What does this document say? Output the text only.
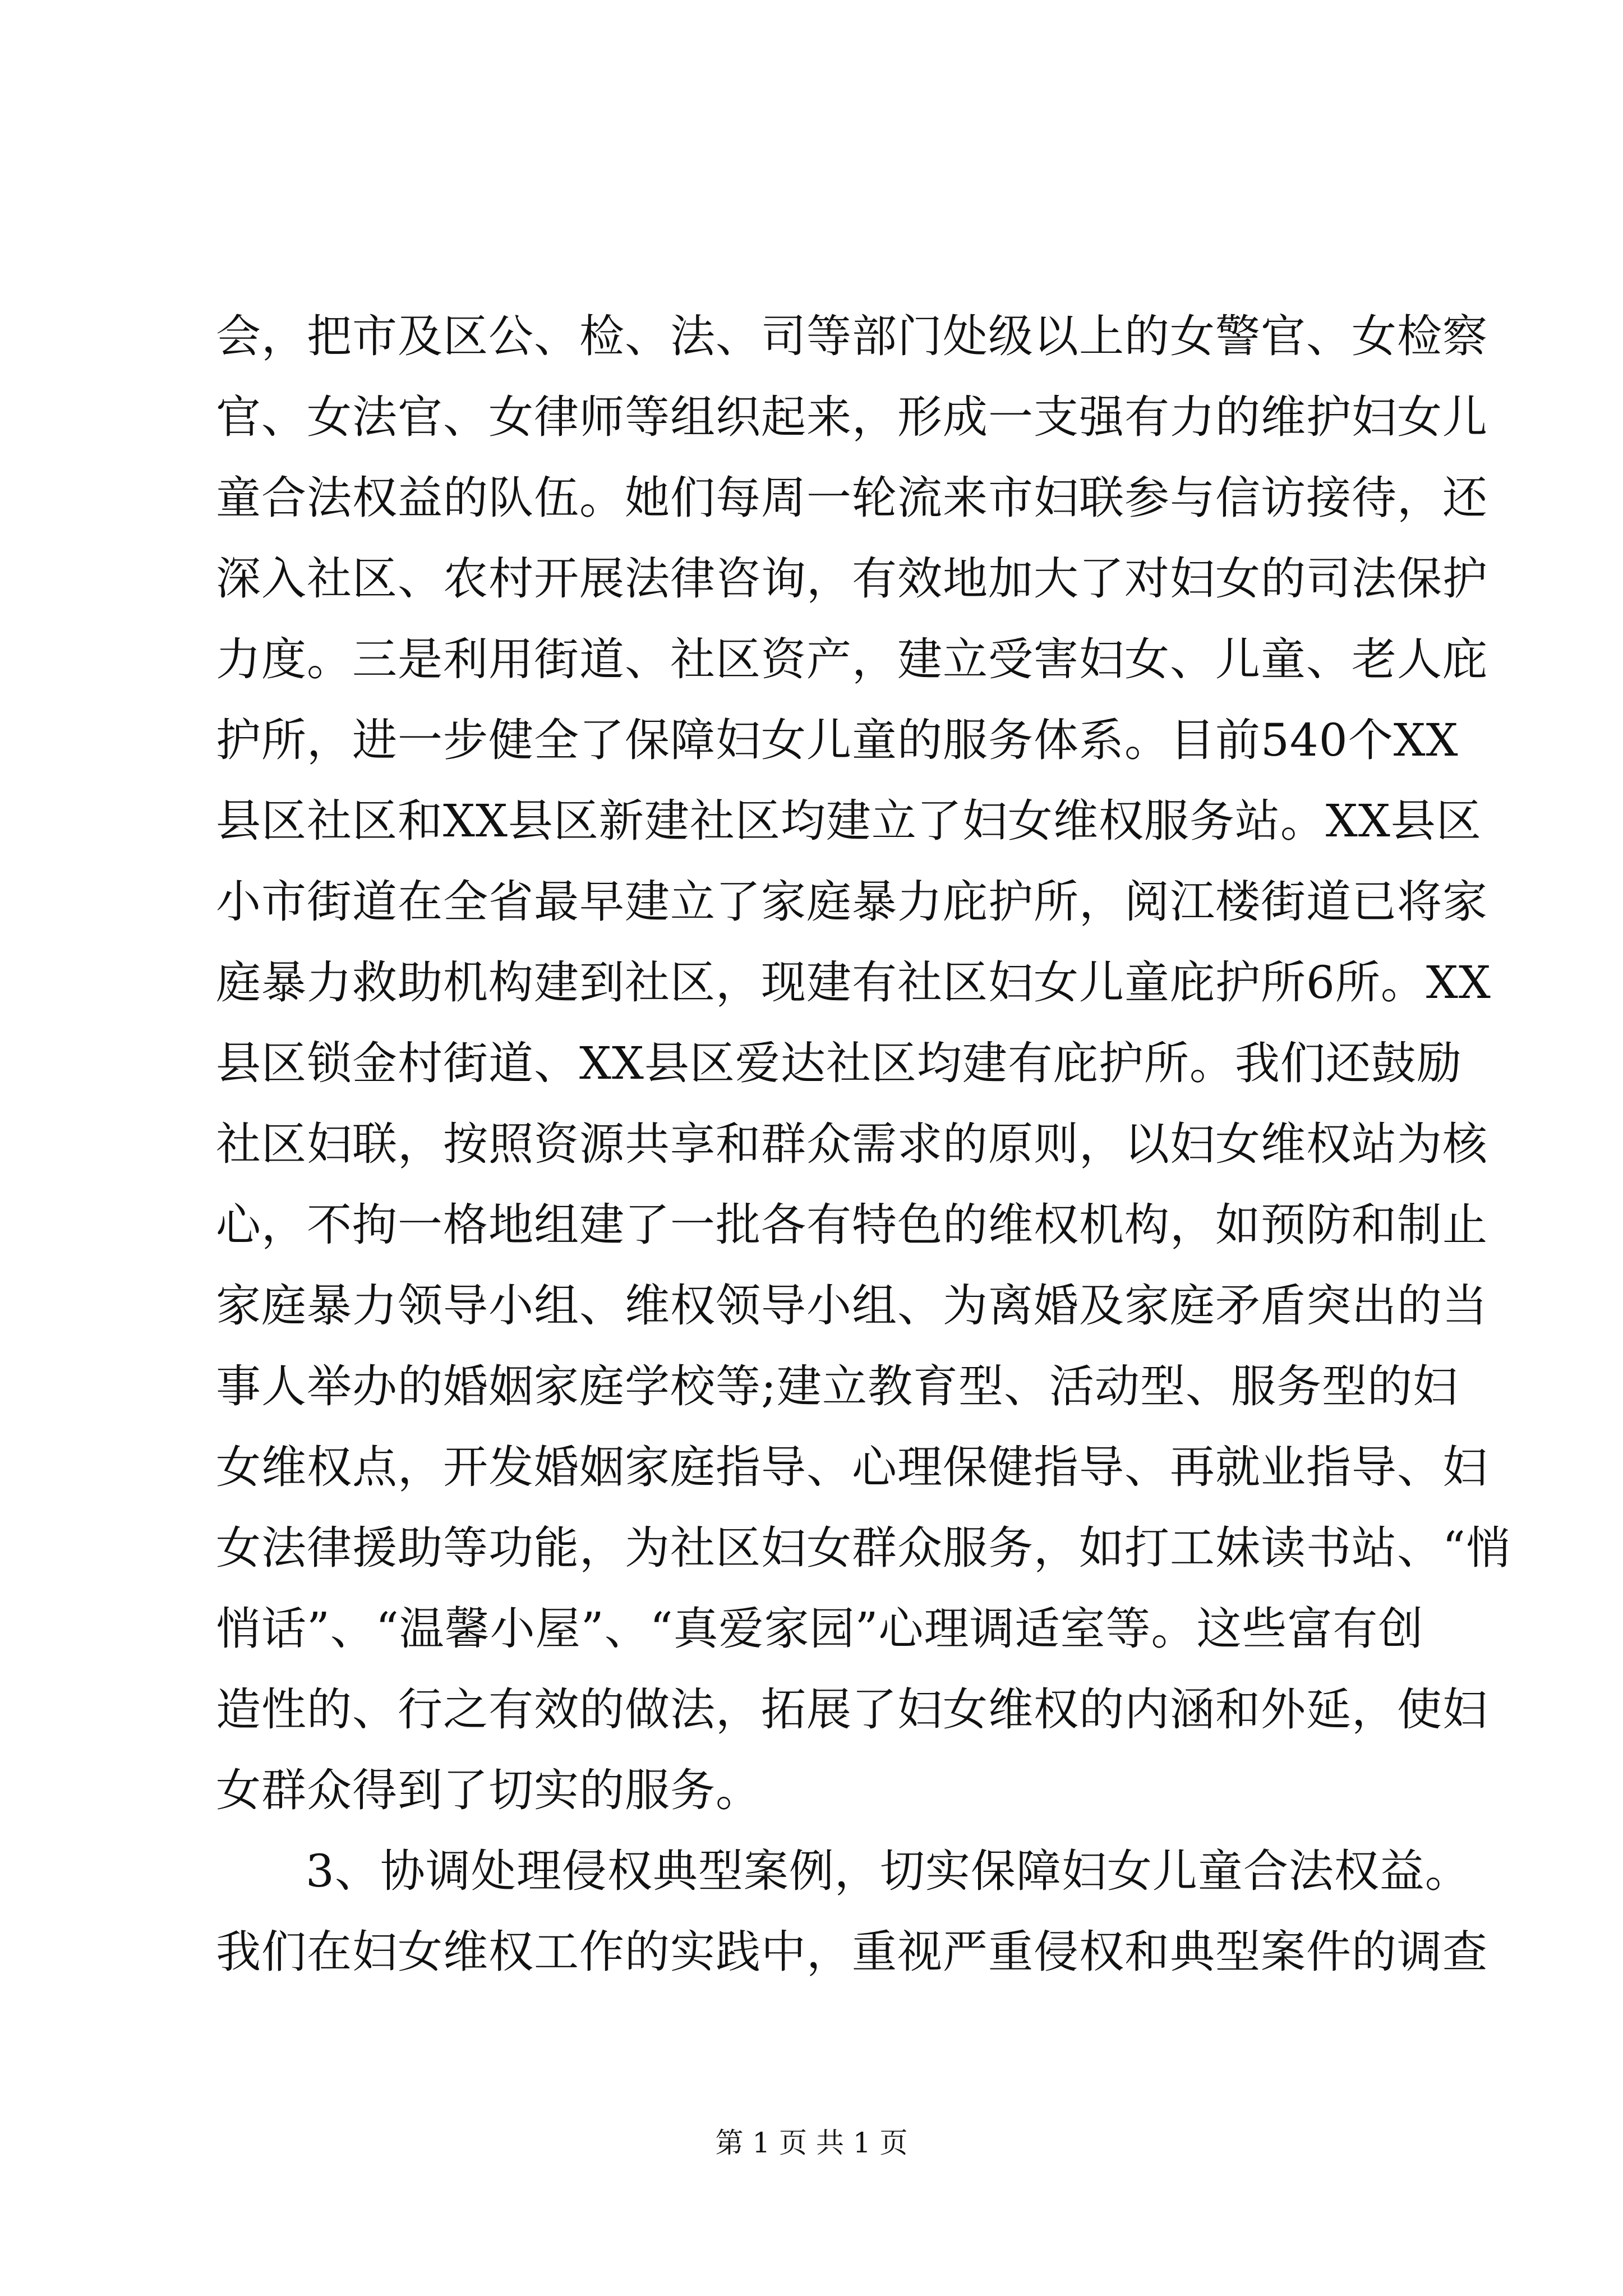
会，把市及区公、检、法、司等部门处级以上的女警官、女检察
官、女法官、女律师等组织起来，形成一支强有力的维护妇女儿
童合法权益的队伍。她们每周一轮流来市妇联参与信访接待，还
深入社区、农村开展法律咨询，有效地加大了对妇女的司法保护
力度。三是利用街道、社区资产，建立受害妇女、儿童、老人庇
护所，进一步健全了保障妇女儿童的服务体系。目前540个XX
县区社区和XX县区新建社区均建立了妇女维权服务站。XX县区
小市街道在全省最早建立了家庭暴力庇护所，阅江楼街道已将家
庭暴力救助机构建到社区，现建有社区妇女儿童庇护所6所。XX
县区锁金村街道、XX县区爱达社区均建有庇护所。我们还鼓励
社区妇联，按照资源共享和群众需求的原则，以妇女维权站为核
心，不拘一格地组建了一批各有特色的维权机构，如预防和制止
家庭暴力领导小组、维权领导小组、为离婚及家庭矛盾突出的当
事人举办的婚姻家庭学校等;建立教育型、活动型、服务型的妇
女维权点，开发婚姻家庭指导、心理保健指导、再就业指导、妇
女法律援助等功能，为社区妇女群众服务，如打工妹读书站、“悄
悄话”、“温馨小屋”、“真爱家园”心理调适室等。这些富有创
造性的、行之有效的做法，拓展了妇女维权的内涵和外延，使妇
女群众得到了切实的服务。
3、协调处理侵权典型案例，切实保障妇女儿童合法权益。
我们在妇女维权工作的实践中，重视严重侵权和典型案件的调查
第 1 页 共 1 页
